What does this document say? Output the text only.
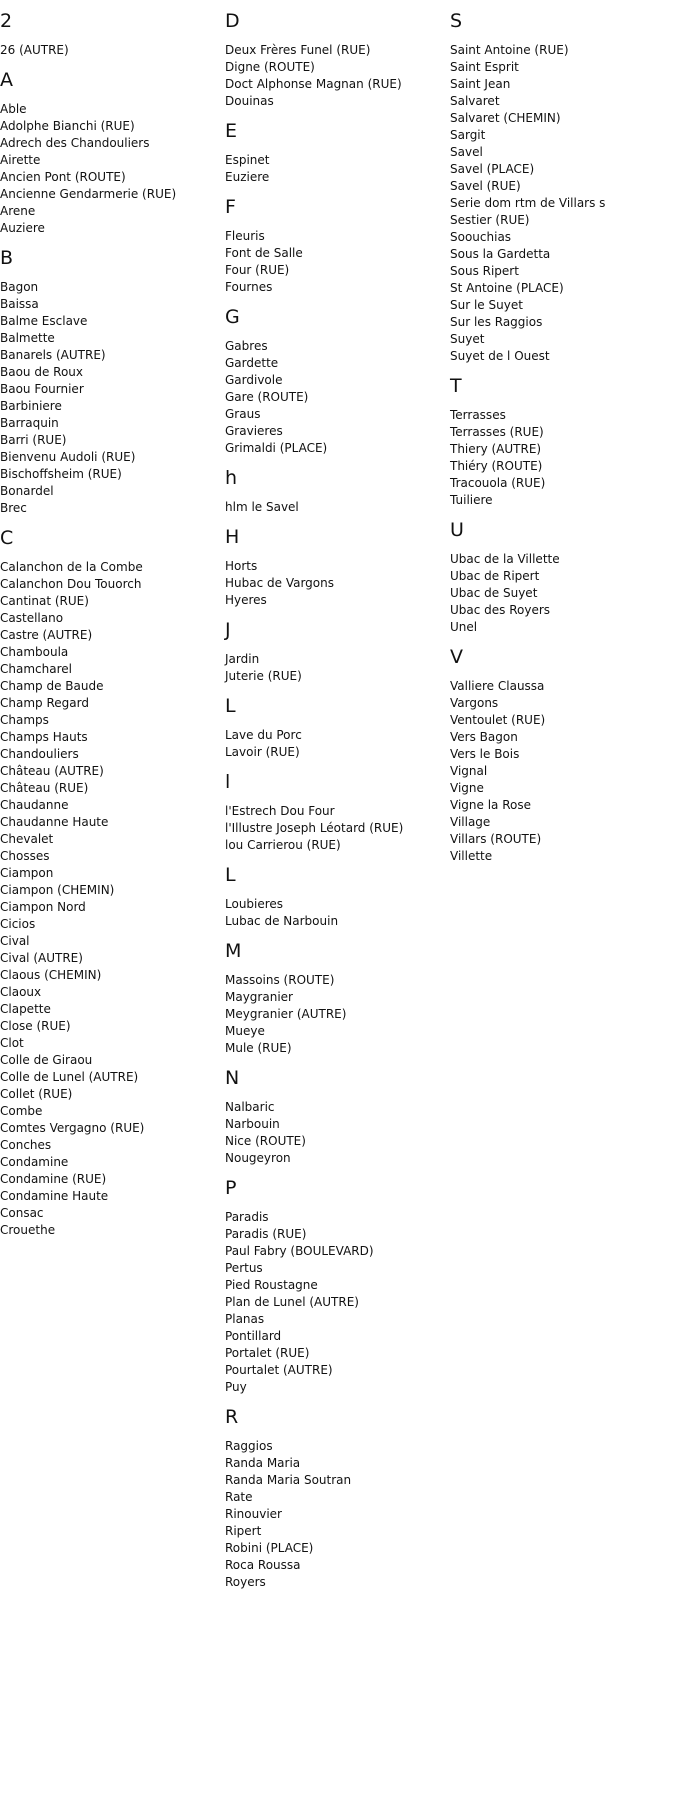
2
26 (AUTRE)
A
Able
Adolphe Bianchi (RUE)
Adrech des Chandouliers
Airette
Ancien Pont (ROUTE)
Ancienne Gendarmerie (RUE)
Arene
Auziere
B
Bagon
Baissa
Balme Esclave
Balmette
Banarels (AUTRE)
Baou de Roux
Baou Fournier
Barbiniere
Barraquin
Barri (RUE)
Bienvenu Audoli (RUE)
Bischoffsheim (RUE)
Bonardel
Brec
C
Calanchon de la Combe
Calanchon Dou Touorch
Cantinat (RUE)
Castellano
Castre (AUTRE)
Chamboula
Chamcharel
Champ de Baude
Champ Regard
Champs
Champs Hauts
Chandouliers
Château (AUTRE)
Château (RUE)
Chaudanne
Chaudanne Haute
Chevalet
Chosses
Ciampon
Ciampon (CHEMIN)
Ciampon Nord
Cicios
Cival
Cival (AUTRE)
Claous (CHEMIN)
Claoux
Clapette
Close (RUE)
Clot
Colle de Giraou
Colle de Lunel (AUTRE)
Collet (RUE)
Combe
Comtes Vergagno (RUE)
Conches
Condamine
Condamine (RUE)
Condamine Haute
Consac
Crouethe
D
Deux Frères Funel (RUE)
Digne (ROUTE)
Doct Alphonse Magnan (RUE)
Douinas
E
Espinet
Euziere
F
Fleuris
Font de Salle
Four (RUE)
Fournes
G
Gabres
Gardette
Gardivole
Gare (ROUTE)
Graus
Gravieres
Grimaldi (PLACE)
h
hlm le Savel
H
Horts
Hubac de Vargons
Hyeres
J
Jardin
Juterie (RUE)
L
Lave du Porc
Lavoir (RUE)
l
l'Estrech Dou Four
l'Illustre Joseph Léotard (RUE)
lou Carrierou (RUE)
L
Loubieres
Lubac de Narbouin
M
Massoins (ROUTE)
Maygranier
Meygranier (AUTRE)
Mueye
Mule (RUE)
N
Nalbaric
Narbouin
Nice (ROUTE)
Nougeyron
P
Paradis
Paradis (RUE)
Paul Fabry (BOULEVARD)
Pertus
Pied Roustagne
Plan de Lunel (AUTRE)
Planas
Pontillard
Portalet (RUE)
Pourtalet (AUTRE)
Puy
R
Raggios
Randa Maria
Randa Maria Soutran
Rate
Rinouvier
Ripert
Robini (PLACE)
Roca Roussa
Royers
S
Saint Antoine (RUE)
Saint Esprit
Saint Jean
Salvaret
Salvaret (CHEMIN)
Sargit
Savel
Savel (PLACE)
Savel (RUE)
Serie dom rtm de Villars s
Sestier (RUE)
Soouchias
Sous la Gardetta
Sous Ripert
St Antoine (PLACE)
Sur le Suyet
Sur les Raggios
Suyet
Suyet de l Ouest
T
Terrasses
Terrasses (RUE)
Thiery (AUTRE)
Thiéry (ROUTE)
Tracouola (RUE)
Tuiliere
U
Ubac de la Villette
Ubac de Ripert
Ubac de Suyet
Ubac des Royers
Unel
V
Valliere Claussa
Vargons
Ventoulet (RUE)
Vers Bagon
Vers le Bois
Vignal
Vigne
Vigne la Rose
Village
Villars (ROUTE)
Villette
